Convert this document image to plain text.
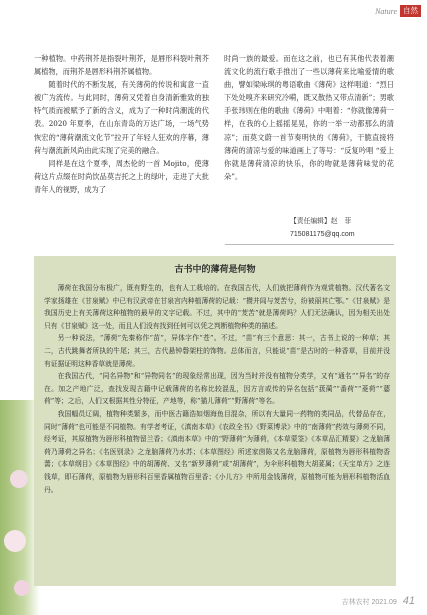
Nature 自然

一种植物。中药荆芥是指裂叶荆芥，是唇形科裂叶荆芥属植物，而荆芥是唇形科荆芥属植物。

随着时代的不断发展，有关薄荷的传说和寓意一直被广为流传。与此同时，薄荷又凭着自身清新雅致的独特气质而被赋予了新的含义，成为了一种时尚潮流的代表。2020 年夏季，在山东青岛的万达广场，一场气势恢宏的“薄荷潮流文化节”拉开了年轻人狂欢的序幕，薄荷与潮流新风尚由此实现了完美的融合。

同样是在这个夏季，周杰伦的一首 Mojito，使薄荷这片点缀在时尚饮品莫吉托之上的绿叶，走进了大批青年人的视野，成为了

时尚一族的最爱。而在这之前，也已有其他代表着潮流文化的流行歌手推出了一些以薄荷来比喻爱情的歌曲，譬如梁咏琪的粤语歌曲《薄荷》这样唱道：“烈日下处处嗅齐来研究冷嗬，既又散热又带点清新”；男歌手张玮则在他的歌曲《薄荷》中唱着：“你就像薄荷一样，在我的心上摇摇晃晃，你的一举一动都那么的清凉”；而莫文蔚一首节奏明快的《薄荷》，干脆直接将薄荷的清凉与爱的味道画上了等号：“反复吟唱 “爱上你就是薄荷清凉的快乐，你的吻就是薄荷味觉的花朵”。

【责任编辑】赵　菲
715081175@qq.com
古书中的薄荷是何物

薄荷在我国分布极广，既有野生的，也有人工栽培的。在我国古代，人们就把薄荷作为观赏植物。汉代著名文学家扬雄在《甘泉赋》中已有汉武帝在甘泉宫内种植薄荷的记载：“攒并闾与茇苦兮，纷被丽其亡鄂。”《甘泉赋》是我国历史上有关薄荷这种植物的最早的文字记载。不过，其中的“茇苦”就是薄荷吗？人们无法确认，因为相关出处只有《甘泉赋》这一处，而且人们没有找到任何可以凭之判断植物种类的描述。

另一种说法，“薄荷”先秦称作“苗”，异体字作“苍”。不过，“苗”有三个意思：其一，古书上说的一种草；其二，古代跳舞者所执的牛尾；其三，古代悬钟磬架柱的饰物。总体而言，只能说“苗”是古时的一种香草，目前并没有证据证明这种香草就是薄荷。

在我国古代，“同名异物”和“异物同名”的现象经常出现，因为当时并没有植物分类学，又有“通名”“异名”的存在。加之产地广泛，查找发现古籍中记载薄荷的名称比较混乱，因方言或传的异名包括“菝蔺”“番荷”“菱荷”“蔢荷”等；之后，人们又根据其性分特征，产地等，称“猫儿薄荷”“野薄荷”等名。

我国幅员辽阔，植物种类繁多，而中医古籍浩如烟海鱼目混杂，所以有大量同一药物的类同品，代替品存在，同时“薄荷”也可能是不同植物。有学者考证，《滇南本草》《农政全书》《野菜博录》中的“南薄荷”药效与薄荷不同，经考证，其原植物为唇形科植物留兰香；《滇南本草》中的“野薄荷”为薄荷，《本草蒙筌》《本草品汇精要》之龙脑薄荷乃薄荷之异名；《名医别录》之龙脑薄荷乃水苏；《本草图经》所述家茵陈又名龙脑薄荷，原植物为唇形科植物香薷；《本草纲目》《本草图经》中的胡薄荷、又名“新罗薄荷”或“胡薄荷”，为伞形科植物大胡荽属；《天宝单方》之连钱草，即石薄荷，原植物为唇形科百里香属植物百里香；《小儿方》中所用金钱薄荷，原植物可能为唇形科植物活血丹。

吉林农村 2021.09 41
